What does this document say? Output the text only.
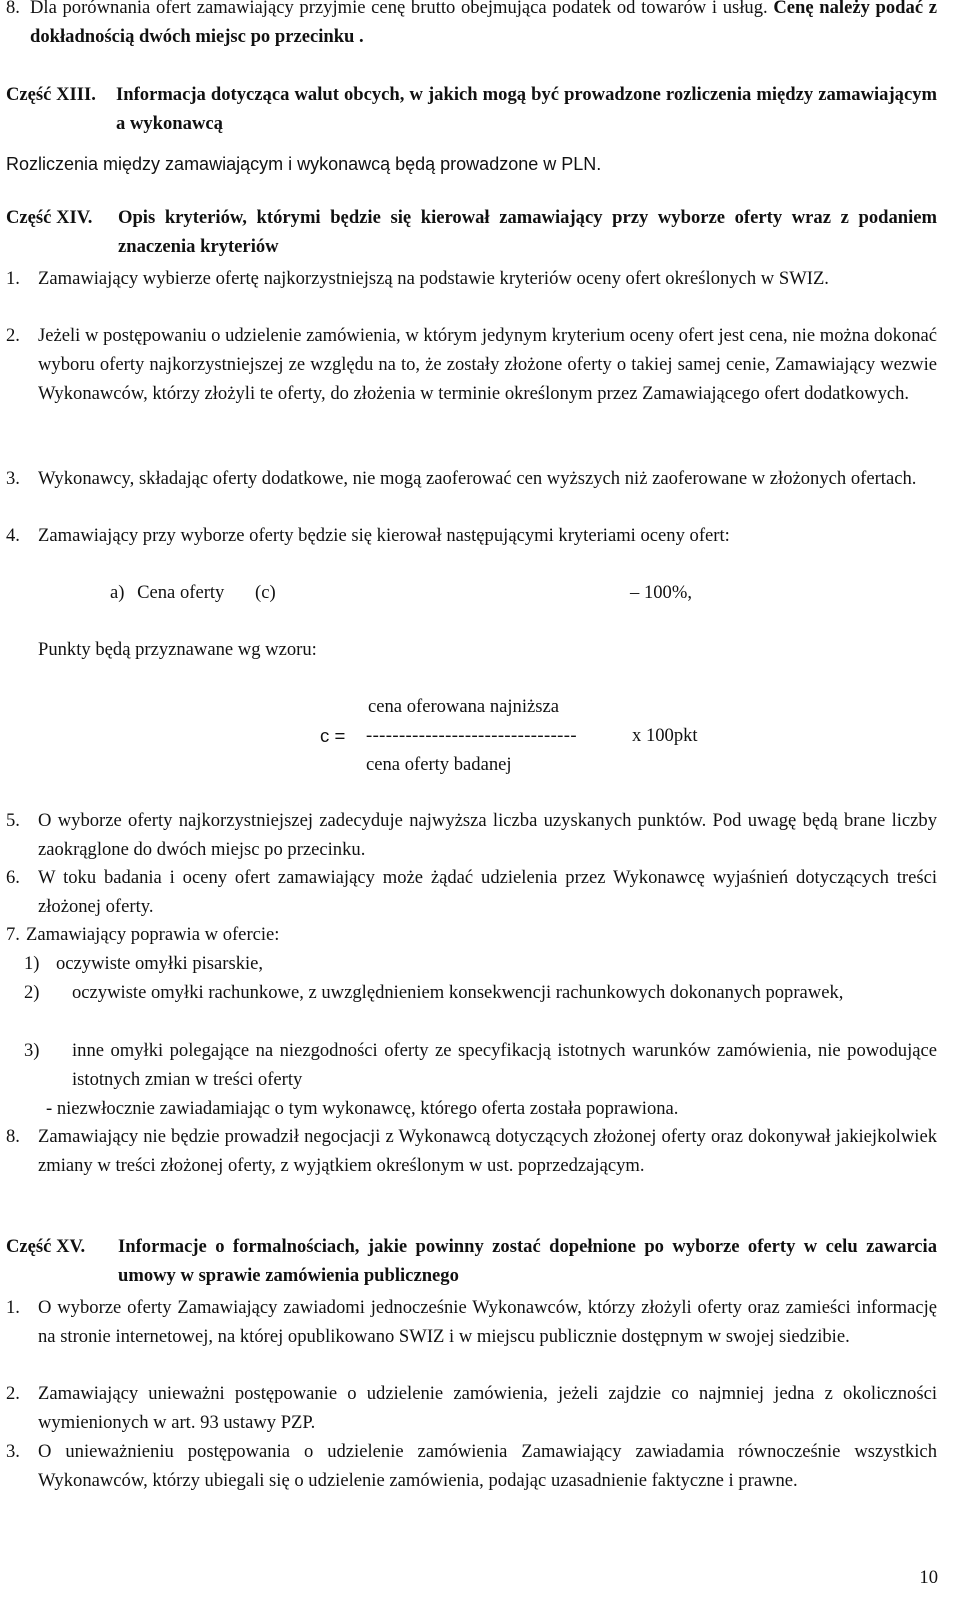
8. Dla porównania ofert zamawiający przyjmie cenę brutto obejmująca podatek od towarów i usług. Cenę należy podać z dokładnością dwóch miejsc po przecinku .

Część XIII. Informacja dotycząca walut obcych, w jakich mogą być prowadzone rozliczenia między zamawiającym a wykonawcą

Rozliczenia między zamawiającym i wykonawcą będą prowadzone w PLN.

Część XIV. Opis kryteriów, którymi będzie się kierował zamawiający przy wyborze oferty wraz z podaniem znaczenia kryteriów

1. Zamawiający wybierze ofertę najkorzystniejszą na podstawie kryteriów oceny ofert określonych w SWIZ.

2. Jeżeli w postępowaniu o udzielenie zamówienia, w którym jedynym kryterium oceny ofert jest cena, nie można dokonać wyboru oferty najkorzystniejszej ze względu na to, że zostały złożone oferty o takiej samej cenie, Zamawiający wezwie Wykonawców, którzy złożyli te oferty, do złożenia w terminie określonym przez Zamawiającego ofert dodatkowych.

3. Wykonawcy, składając oferty dodatkowe, nie mogą zaoferować cen wyższych niż zaoferowane w złożonych ofertach.

4. Zamawiający przy wyborze oferty będzie się kierował następującymi kryteriami oceny ofert:

a) Cena oferty (c)	– 100%,

Punkty będą przyznawane wg wzoru:

cena oferowana najniższa
c = --------------------------------	x 100pkt
cena oferty badanej
5. O wyborze oferty najkorzystniejszej zadecyduje najwyższa liczba uzyskanych punktów. Pod uwagę będą brane liczby zaokrąglone do dwóch miejsc po przecinku.

6. W toku badania i oceny ofert zamawiający może żądać udzielenia przez Wykonawcę wyjaśnień dotyczących treści złożonej oferty.

7. Zamawiający poprawia w ofercie:

1) oczywiste omyłki pisarskie,

2) oczywiste omyłki rachunkowe, z uwzględnieniem konsekwencji rachunkowych dokonanych poprawek,

3) inne omyłki polegające na niezgodności oferty ze specyfikacją istotnych warunków zamówienia, nie powodujące istotnych zmian w treści oferty

- niezwłocznie zawiadamiając o tym wykonawcę, którego oferta została poprawiona.

8. Zamawiający nie będzie prowadził negocjacji z Wykonawcą dotyczących złożonej oferty oraz dokonywał jakiejkolwiek zmiany w treści złożonej oferty, z wyjątkiem określonym w ust. poprzedzającym.

Część XV. Informacje o formalnościach, jakie powinny zostać dopełnione po wyborze oferty w celu zawarcia umowy w sprawie zamówienia publicznego

1. O wyborze oferty Zamawiający zawiadomi jednocześnie Wykonawców, którzy złożyli oferty oraz zamieści informację na stronie internetowej, na której opublikowano SWIZ i w miejscu publicznie dostępnym w swojej siedzibie.

2. Zamawiający unieważni postępowanie o udzielenie zamówienia, jeżeli zajdzie co najmniej jedna z okoliczności wymienionych w art. 93 ustawy PZP.

3. O unieważnieniu postępowania o udzielenie zamówienia Zamawiający zawiadamia równocześnie wszystkich Wykonawców, którzy ubiegali się o udzielenie zamówienia, podając uzasadnienie faktyczne i prawne.

10
